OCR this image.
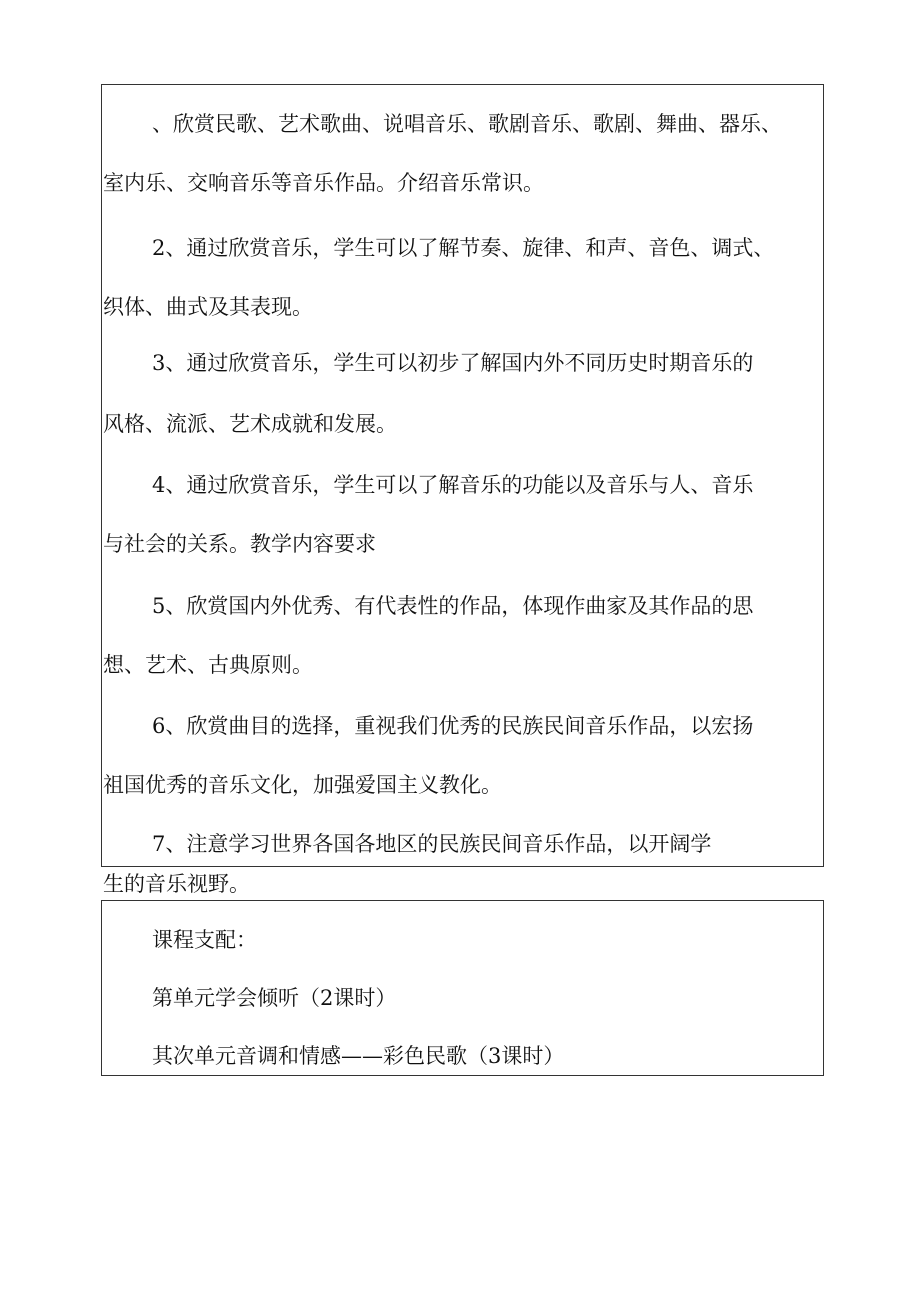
、欣赏民歌、艺术歌曲、说唱音乐、歌剧音乐、歌剧、舞曲、器乐、
室内乐、交响音乐等音乐作品。介绍音乐常识。
2、通过欣赏音乐，学生可以了解节奏、旋律、和声、音色、调式、
织体、曲式及其表现。
3、通过欣赏音乐，学生可以初步了解国内外不同历史时期音乐的
风格、流派、艺术成就和发展。
4、通过欣赏音乐，学生可以了解音乐的功能以及音乐与人、音乐
与社会的关系。教学内容要求
5、欣赏国内外优秀、有代表性的作品，体现作曲家及其作品的思
想、艺术、古典原则。
6、欣赏曲目的选择，重视我们优秀的民族民间音乐作品，以宏扬
祖国优秀的音乐文化，加强爱国主义教化。
7、注意学习世界各国各地区的民族民间音乐作品，以开阔学
生的音乐视野。
课程支配：
第单元学会倾听（2课时）
其次单元音调和情感——彩色民歌（3课时）
